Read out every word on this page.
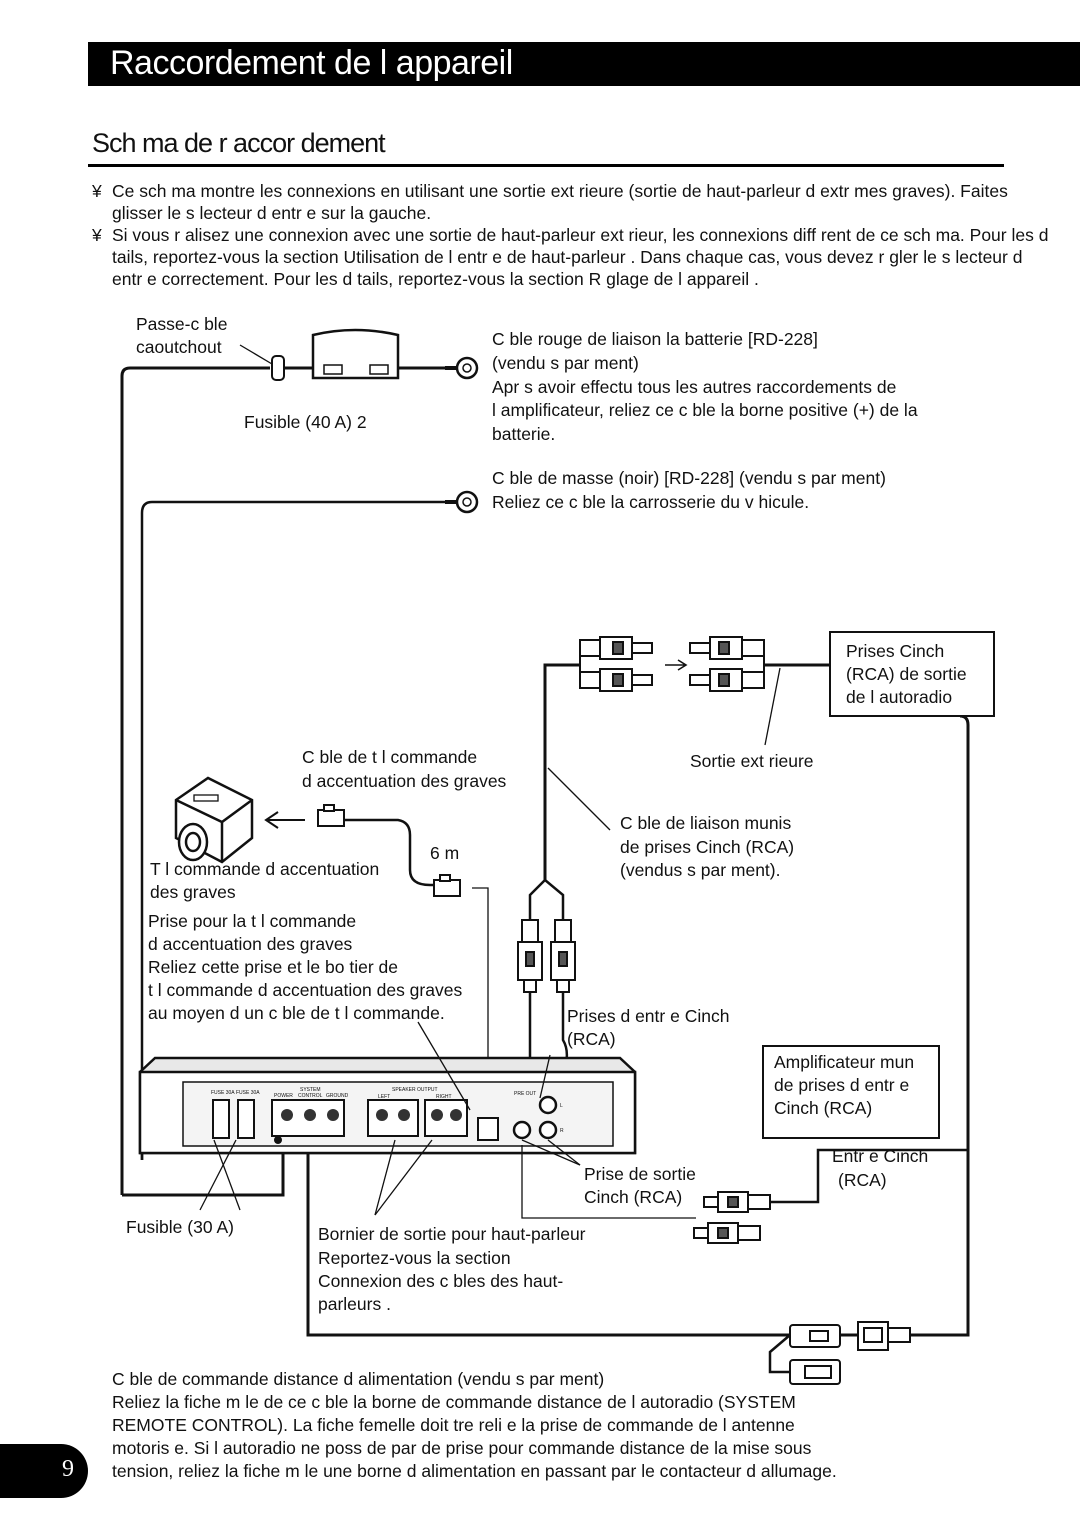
Raccordement de l appareil
Sch ma de r accor dement

¥ Ce sch ma montre les connexions en utilisant une sortie ext rieure (sortie de haut-parleur d extr mes graves). Faites glisser le s lecteur d entr e sur la gauche.

¥ Si vous r alisez une connexion avec une sortie de haut-parleur ext rieur, les connexions diff rent de ce sch ma. Pour les d tails, reportez-vous la section Utilisation de l entr e de haut-parleur . Dans chaque cas, vous devez r gler le s lecteur d entr e correctement. Pour les d tails, reportez-vous la section R glage de l appareil .

FUSE 30A FUSE 30A	POWER
SYSTEM
CONTROL GROUND
SPEAKER OUTPUT
LEFT	RIGHT	PRE OUT
L
R
Passe-c ble
caoutchout
Fusible (40 A) 2
C ble rouge de liaison la batterie [RD-228]
(vendu s par ment)
Apr s avoir effectu tous les autres raccordements de
l amplificateur, reliez ce c ble la borne positive (+) de la
batterie.
C ble de masse (noir) [RD-228] (vendu s par ment)
Reliez ce c ble la carrosserie du v hicule.
Prises Cinch
(RCA) de sortie
de l autoradio
Sortie ext rieure
C ble de t l commande
d accentuation des graves
C ble de liaison munis
de prises Cinch (RCA)
(vendus s par ment).
6 m
T l commande d accentuation
des graves
Prise pour la t l commande
d accentuation des graves
Reliez cette prise et le bo tier de
t l commande d accentuation des graves
au moyen d un c ble de t l commande.	Prises d entr e Cinch
(RCA)
Amplificateur mun
de prises d entr e
Cinch (RCA)
Entr e Cinch
(RCA)
Prise de sortie
Cinch (RCA)
Fusible (30 A)	Bornier de sortie pour haut-parleur
Reportez-vous la section
Connexion des c bles des haut-
parleurs .
C ble de commande distance d alimentation (vendu s par ment)
Reliez la fiche m le de ce c ble la borne de commande distance de l autoradio (SYSTEM
REMOTE CONTROL). La fiche femelle doit tre reli e la prise de commande de l antenne
motoris e. Si l autoradio ne poss de par de prise pour commande distance de la mise sous
tension, reliez la fiche m le une borne d alimentation en passant par le contacteur d allumage.
9
